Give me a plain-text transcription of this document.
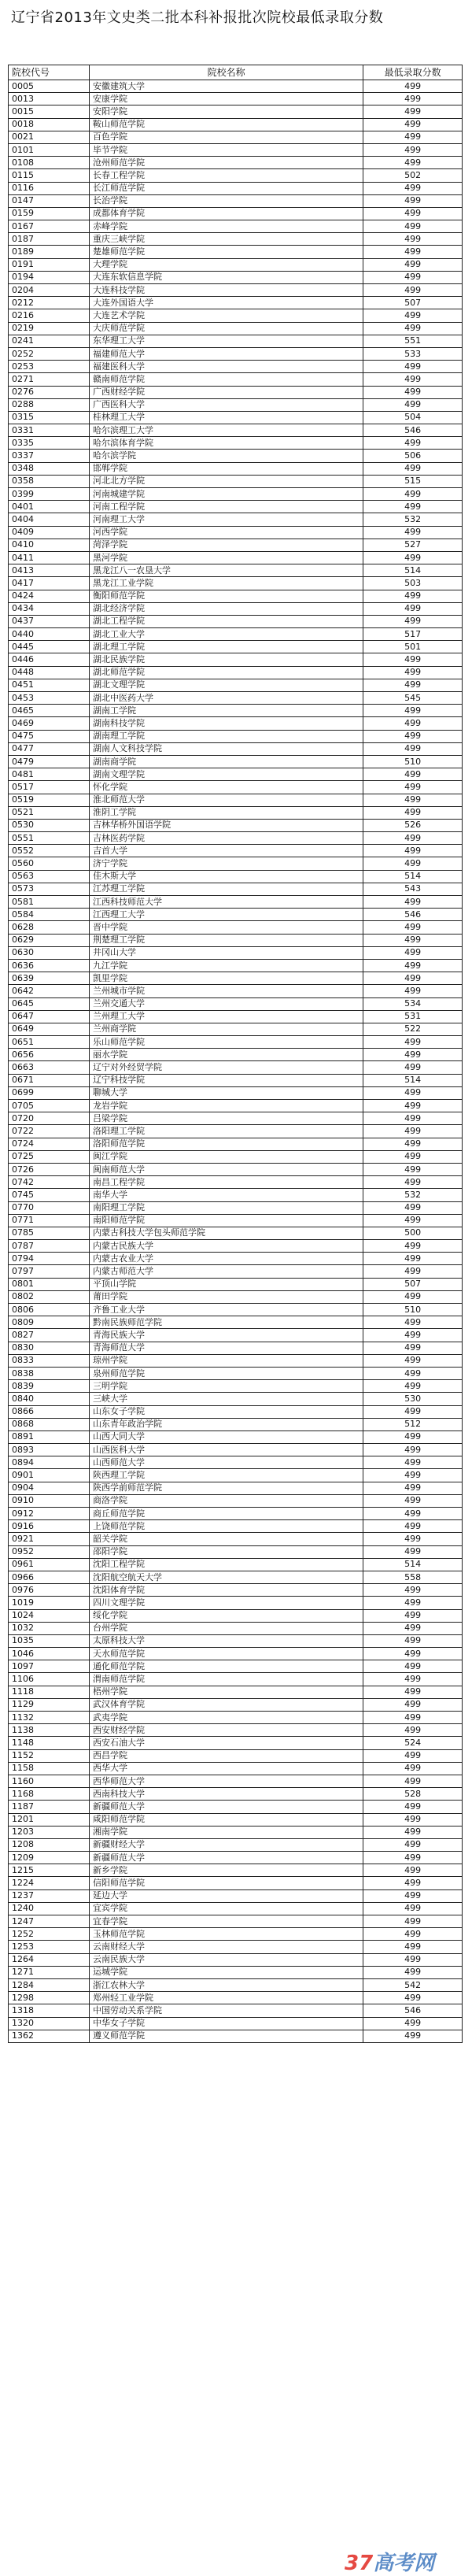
辽宁省2013年文史类二批本科补报批次院校最低录取分数
院校代号	院校名称	最低录取分数
0005	安徽建筑大学	499
0013	安康学院	499
0015	安阳学院	499
0018	鞍山师范学院	499
0021	百色学院	499
0101	毕节学院	499
0108	沧州师范学院	499
0115	长春工程学院	502
0116	长江师范学院	499
0147	长治学院	499
0159	成都体育学院	499
0167	赤峰学院	499
0187	重庆三峡学院	499
0189	楚雄师范学院	499
0191	大理学院	499
0194	大连东软信息学院	499
0204	大连科技学院	499
0212	大连外国语大学	507
0216	大连艺术学院	499
0219	大庆师范学院	499
0241	东华理工大学	551
0252	福建师范大学	533
0253	福建医科大学	499
0271	赣南师范学院	499
0276	广西财经学院	499
0288	广西医科大学	499
0315	桂林理工大学	504
0331	哈尔滨理工大学	546
0335	哈尔滨体育学院	499
0337	哈尔滨学院	506
0348	邯郸学院	499
0358	河北北方学院	515
0399	河南城建学院	499
0401	河南工程学院	499
0404	河南理工大学	532
0409	河西学院	499
0410	菏泽学院	527
0411	黑河学院	499
0413	黑龙江八一农垦大学	514
0417	黑龙江工业学院	503
0424	衡阳师范学院	499
0434	湖北经济学院	499
0437	湖北工程学院	499
0440	湖北工业大学	517
0445	湖北理工学院	501
0446	湖北民族学院	499
0448	湖北师范学院	499
0451	湖北文理学院	499
0453	湖北中医药大学	545
0465	湖南工学院	499
0469	湖南科技学院	499
0475	湖南理工学院	499
0477	湖南人文科技学院	499
0479	湖南商学院	510
0481	湖南文理学院	499
0517	怀化学院	499
0519	淮北师范大学	499
0521	淮阴工学院	499
0530	吉林华桥外国语学院	526
0551	吉林医药学院	499
0552	吉首大学	499
0560	济宁学院	499
0563	佳木斯大学	514
0573	江苏理工学院	543
0581	江西科技师范大学	499
0584	江西理工大学	546
0628	晋中学院	499
0629	荆楚理工学院	499
0630	井冈山大学	499
0636	九江学院	499
0639	凯里学院	499
0642	兰州城市学院	499
0645	兰州交通大学	534
0647	兰州理工大学	531
0649	兰州商学院	522
0651	乐山师范学院	499
0656	丽水学院	499
0663	辽宁对外经贸学院	499
0671	辽宁科技学院	514
0699	聊城大学	499
0705	龙岩学院	499
0720	吕梁学院	499
0722	洛阳理工学院	499
0724	洛阳师范学院	499
0725	闽江学院	499
0726	闽南师范大学	499
0742	南昌工程学院	499
0745	南华大学	532
0770	南阳理工学院	499
0771	南阳师范学院	499
0785	内蒙古科技大学包头师范学院	500
0787	内蒙古民族大学	499
0794	内蒙古农业大学	499
0797	内蒙古师范大学	499
0801	平顶山学院	507
0802	莆田学院	499
0806	齐鲁工业大学	510
0809	黔南民族师范学院	499
0827	青海民族大学	499
0830	青海师范大学	499
0833	琼州学院	499
0838	泉州师范学院	499
0839	三明学院	499
0840	三峡大学	530
0866	山东女子学院	499
0868	山东青年政治学院	512
0891	山西大同大学	499
0893	山西医科大学	499
0894	山西师范大学	499
0901	陕西理工学院	499
0904	陕西学前师范学院	499
0910	商洛学院	499
0912	商丘师范学院	499
0916	上饶师范学院	499
0921	韶关学院	499
0952	邵阳学院	499
0961	沈阳工程学院	514
0966	沈阳航空航天大学	558
0976	沈阳体育学院	499
1019	四川文理学院	499
1024	绥化学院	499
1032	台州学院	499
1035	太原科技大学	499
1046	天水师范学院	499
1097	通化师范学院	499
1106	渭南师范学院	499
1118	梧州学院	499
1129	武汉体育学院	499
1132	武夷学院	499
1138	西安财经学院	499
1148	西安石油大学	524
1152	西昌学院	499
1158	西华大学	499
1160	西华师范大学	499
1168	西南科技大学	528
1187	新疆师范大学	499
1201	咸阳师范学院	499
1203	湘南学院	499
1208	新疆财经大学	499
1209	新疆师范大学	499
1215	新乡学院	499
1224	信阳师范学院	499
1237	延边大学	499
1240	宜宾学院	499
1247	宜春学院	499
1252	玉林师范学院	499
1253	云南财经大学	499
1264	云南民族大学	499
1271	运城学院	499
1284	浙江农林大学	542
1298	郑州轻工业学院	499
1318	中国劳动关系学院	546
1320	中华女子学院	499
1362	遵义师范学院	499
37高考网
